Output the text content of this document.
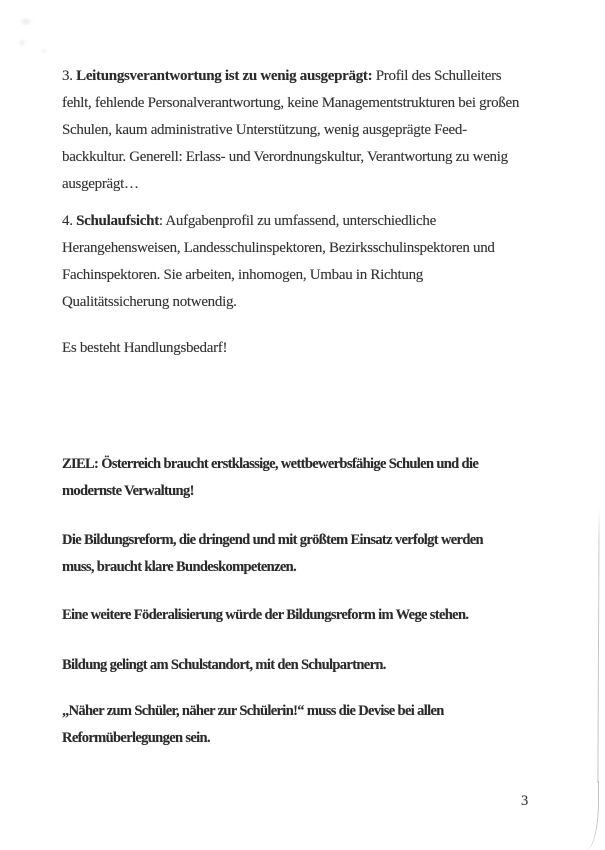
3. Leitungsverantwortung ist zu wenig ausgeprägt: Profil des Schulleiters
fehlt, fehlende Personalverantwortung, keine Managementstrukturen bei großen
Schulen, kaum administrative Unterstützung, wenig ausgeprägte Feed-
backkultur. Generell: Erlass- und Verordnungskultur, Verantwortung zu wenig
ausgeprägt…
4. Schulaufsicht: Aufgabenprofil zu umfassend, unterschiedliche
Herangehensweisen, Landesschulinspektoren, Bezirksschulinspektoren und
Fachinspektoren. Sie arbeiten, inhomogen, Umbau in Richtung
Qualitätssicherung notwendig.
Es besteht Handlungsbedarf!
ZIEL: Österreich braucht erstklassige, wettbewerbsfähige Schulen und die
modernste Verwaltung!
Die Bildungsreform, die dringend und mit größtem Einsatz verfolgt werden
muss, braucht klare Bundeskompetenzen.
Eine weitere Föderalisierung würde der Bildungsreform im Wege stehen.
Bildung gelingt am Schulstandort, mit den Schulpartnern.
„Näher zum Schüler, näher zur Schülerin!“ muss die Devise bei allen
Reformüberlegungen sein.
3
